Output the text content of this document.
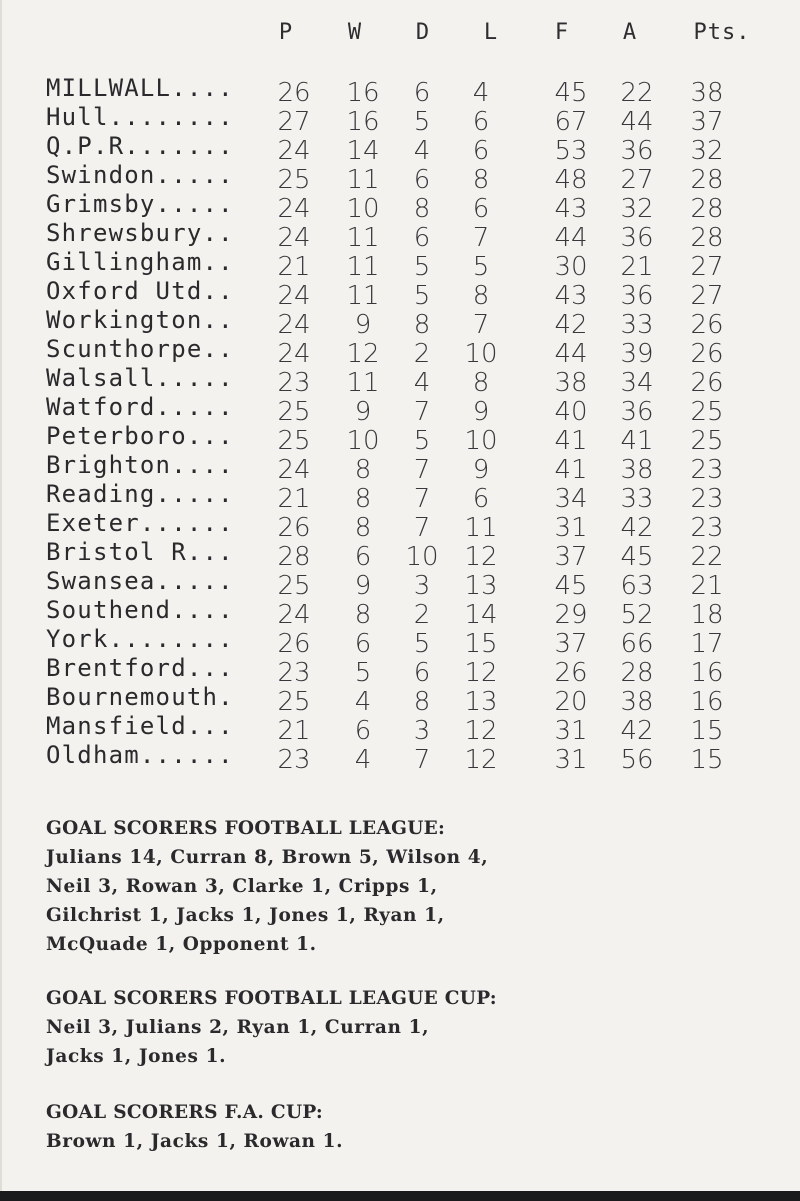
P W D L	F A	Pts.
MILLWALL.... 26 16 6 4	45 22 38
Hull........ 27 16 5 6	67 44 37
Q.P.R....... 24 14 4 6	53 36 32
Swindon..... 25 11 6 8	48 27 28
Grimsby..... 24 10 8 6	43 32 28
Shrewsbury.. 24 11 6 7	44 36 28
Gillingham.. 21 11 5 5	30 21 27
Oxford Utd.. 24 11 5 8	43 36 27
Workington.. 24 9 8 7	42 33 26
Scunthorpe.. 24 12 2 10 44 39 26
Walsall..... 23 11 4 8	38 34 26
Watford..... 25 9 7 9	40 36 25
Peterboro... 25 10 5 10 41 41 25
Brighton.... 24 8 7 9	41 38 23
Reading..... 21 8 7 6	34 33 23
Exeter...... 26 8 7 11 31 42 23
Bristol R... 28 6 10 12 37 45 22
Swansea..... 25 9 3 13 45 63 21
Southend.... 24 8 2 14 29 52 18
York........ 26 6 5 15 37 66 17
Brentford... 23 5 6 12 26 28 16
Bournemouth. 25 4 8 13 20 38 16
Mansfield... 21 6 3 12 31 42 15
Oldham...... 23 4 7 12 31 56 15
GOAL SCORERS FOOTBALL LEAGUE:
Julians 14, Curran 8, Brown 5, Wilson 4,
Neil 3, Rowan 3, Clarke 1, Cripps 1,
Gilchrist 1, Jacks 1, Jones 1, Ryan 1,
McQuade 1, Opponent 1.
GOAL SCORERS FOOTBALL LEAGUE CUP:
Neil 3, Julians 2, Ryan 1, Curran 1,
Jacks 1, Jones 1.
GOAL SCORERS F.A. CUP:
Brown 1, Jacks 1, Rowan 1.
